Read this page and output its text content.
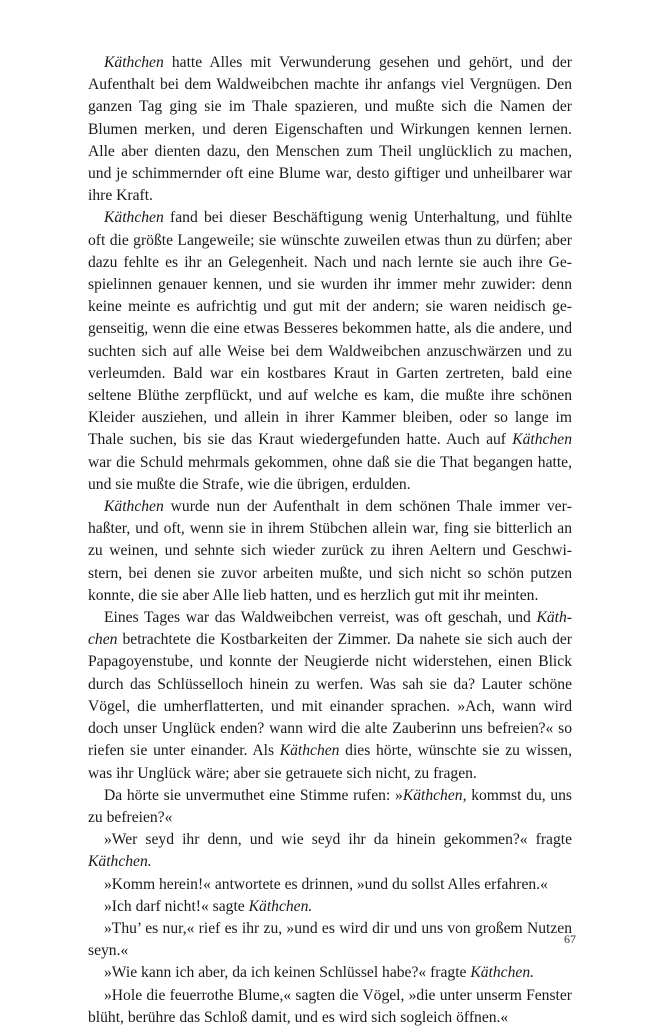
Käthchen hatte Alles mit Verwunderung gesehen und gehört, und der Aufenthalt bei dem Waldweibchen machte ihr anfangs viel Vergnügen. Den ganzen Tag ging sie im Thale spazieren, und mußte sich die Namen der Blumen merken, und deren Eigenschaften und Wirkungen kennen lernen. Alle aber dienten dazu, den Menschen zum Theil unglücklich zu machen, und je schimmernder oft eine Blume war, desto giftiger und unheilbarer war ihre Kraft.

Käthchen fand bei dieser Beschäftigung wenig Unterhaltung, und fühlte oft die größte Langeweile; sie wünschte zuweilen etwas thun zu dürfen; aber dazu fehlte es ihr an Gelegenheit. Nach und nach lernte sie auch ihre Gespielinnen genauer kennen, und sie wurden ihr immer mehr zuwider: denn keine meinte es aufrichtig und gut mit der andern; sie waren neidisch gegenseitig, wenn die eine etwas Besseres bekommen hatte, als die andere, und suchten sich auf alle Weise bei dem Waldweibchen anzuschwärzen und zu verleumden. Bald war ein kostbares Kraut in Garten zertreten, bald eine seltene Blüthe zerpflückt, und auf welche es kam, die mußte ihre schönen Kleider ausziehen, und allein in ihrer Kammer bleiben, oder so lange im Thale suchen, bis sie das Kraut wiedergefunden hatte. Auch auf Käthchen war die Schuld mehrmals gekommen, ohne daß sie die That begangen hatte, und sie mußte die Strafe, wie die übrigen, erdulden.

Käthchen wurde nun der Aufenthalt in dem schönen Thale immer verhaßter, und oft, wenn sie in ihrem Stübchen allein war, fing sie bitterlich an zu weinen, und sehnte sich wieder zurück zu ihren Aeltern und Geschwistern, bei denen sie zuvor arbeiten mußte, und sich nicht so schön putzen konnte, die sie aber Alle lieb hatten, und es herzlich gut mit ihr meinten.

Eines Tages war das Waldweibchen verreist, was oft geschah, und Käthchen betrachtete die Kostbarkeiten der Zimmer. Da nahete sie sich auch der Papagoyenstube, und konnte der Neugierde nicht widerstehen, einen Blick durch das Schlüsselloch hinein zu werfen. Was sah sie da? Lauter schöne Vögel, die umherflatterten, und mit einander sprachen. »Ach, wann wird doch unser Unglück enden? wann wird die alte Zauberinn uns befreien?« so riefen sie unter einander. Als Käthchen dies hörte, wünschte sie zu wissen, was ihr Unglück wäre; aber sie getrauete sich nicht, zu fragen.

Da hörte sie unvermuthet eine Stimme rufen: »Käthchen, kommst du, uns zu befreien?«

»Wer seyd ihr denn, und wie seyd ihr da hinein gekommen?« fragte Käthchen.

»Komm herein!« antwortete es drinnen, »und du sollst Alles erfahren.«

»Ich darf nicht!« sagte Käthchen.

»Thu’ es nur,« rief es ihr zu, »und es wird dir und uns von großem Nutzen seyn.«

»Wie kann ich aber, da ich keinen Schlüssel habe?« fragte Käthchen.

»Hole die feuerrothe Blume,« sagten die Vögel, »die unter unserm Fenster blüht, berühre das Schloß damit, und es wird sich sogleich öffnen.«

67
